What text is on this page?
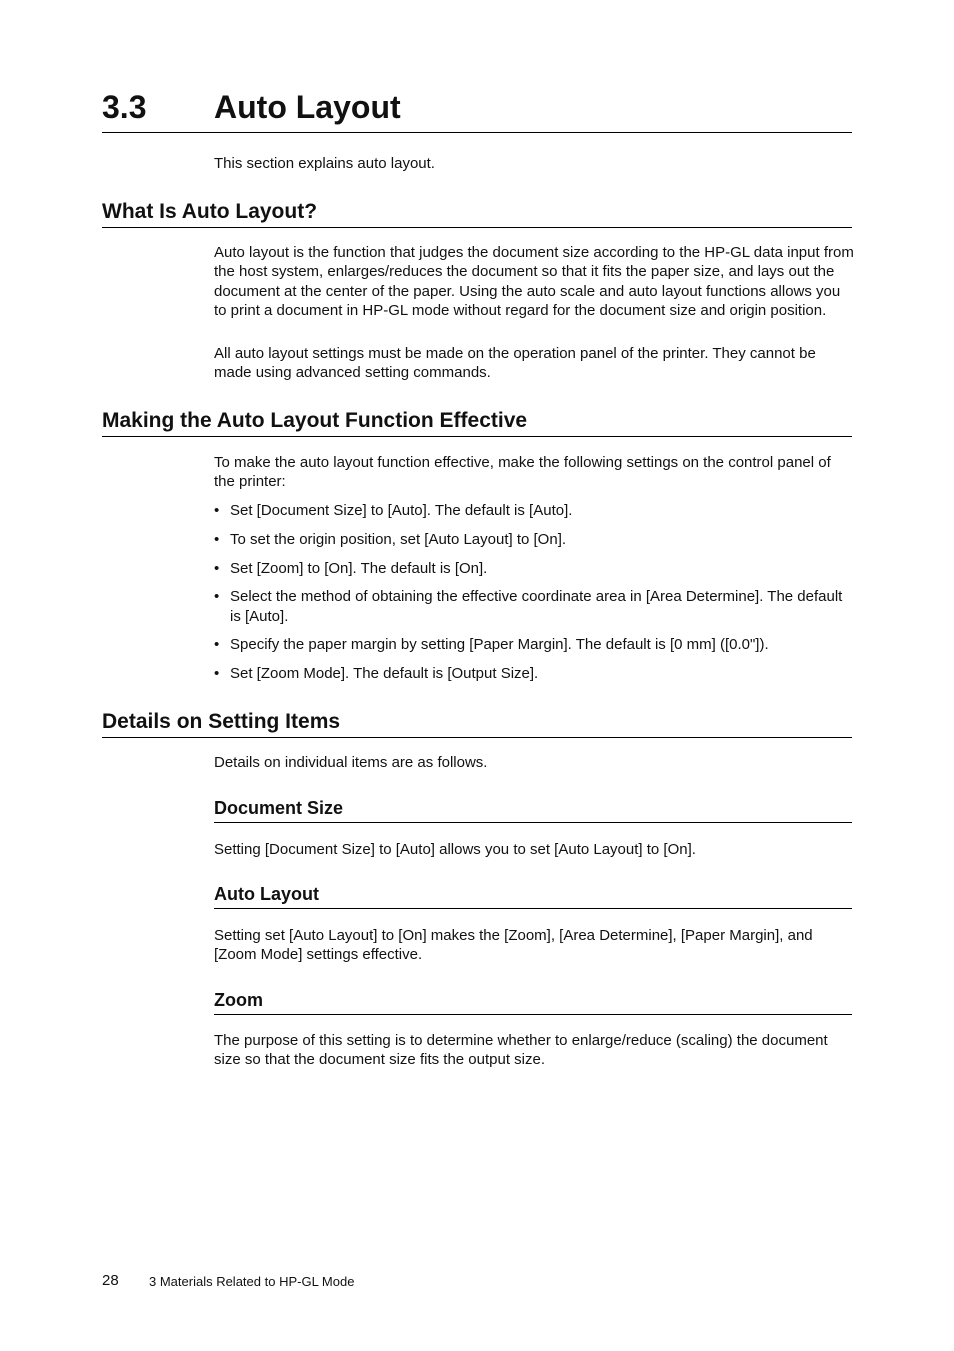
3.3 Auto Layout

This section explains auto layout.

What Is Auto Layout?

Auto layout is the function that judges the document size according to the HP-GL data input from the host system, enlarges/reduces the document so that it fits the paper size, and lays out the document at the center of the paper. Using the auto scale and auto layout functions allows you to print a document in HP-GL mode without regard for the document size and origin position.

All auto layout settings must be made on the operation panel of the printer. They cannot be made using advanced setting commands.

Making the Auto Layout Function Effective

To make the auto layout function effective, make the following settings on the control panel of the printer:

• Set [Document Size] to [Auto]. The default is [Auto].
• To set the origin position, set [Auto Layout] to [On].
• Set [Zoom] to [On]. The default is [On].
• Select the method of obtaining the effective coordinate area in [Area Determine]. The default is [Auto].
• Specify the paper margin by setting [Paper Margin]. The default is [0 mm] ([0.0"]).
• Set [Zoom Mode]. The default is [Output Size].
Details on Setting Items

Details on individual items are as follows.

Document Size

Setting [Document Size] to [Auto] allows you to set [Auto Layout] to [On].

Auto Layout

Setting set [Auto Layout] to [On] makes the [Zoom], [Area Determine], [Paper Margin], and [Zoom Mode] settings effective.

Zoom

The purpose of this setting is to determine whether to enlarge/reduce (scaling) the document size so that the document size fits the output size.

28 3 Materials Related to HP-GL Mode
